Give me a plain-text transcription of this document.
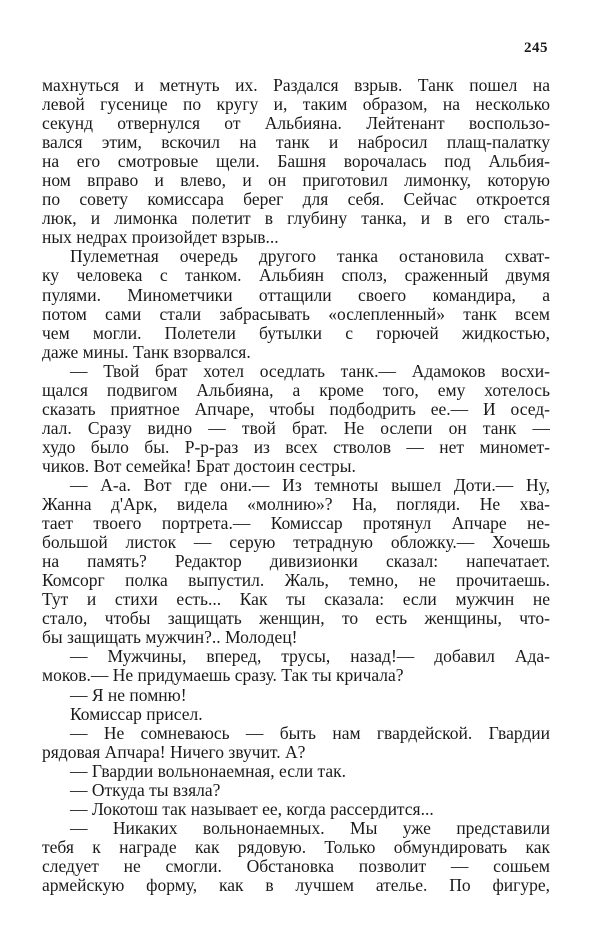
245
махнуться и метнуть их. Раздался взрыв. Танк пошел на
левой гусенице по кругу и, таким образом, на несколько
секунд отвернулся от Альбияна. Лейтенант воспользо-
вался этим, вскочил на танк и набросил плащ-палатку
на его смотровые щели. Башня ворочалась под Альбия-
ном вправо и влево, и он приготовил лимонку, которую
по совету комиссара берег для себя. Сейчас откроется
люк, и лимонка полетит в глубину танка, и в его сталь-
ных недрах произойдет взрыв...
Пулеметная очередь другого танка остановила схват-
ку человека с танком. Альбиян сполз, сраженный двумя
пулями. Минометчики оттащили своего командира, а
потом сами стали забрасывать «ослепленный» танк всем
чем могли. Полетели бутылки с горючей жидкостью,
даже мины. Танк взорвался.
— Твой брат хотел оседлать танк.— Адамоков восхи-
щался подвигом Альбияна, а кроме того, ему хотелось
сказать приятное Апчаре, чтобы подбодрить ее.— И осед-
лал. Сразу видно — твой брат. Не ослепи он танк —
худо было бы. Р-р-раз из всех стволов — нет миномет-
чиков. Вот семейка! Брат достоин сестры.
— А-а. Вот где они.— Из темноты вышел Доти.— Ну,
Жанна д'Арк, видела «молнию»? На, погляди. Не хва-
тает твоего портрета.— Комиссар протянул Апчаре не-
большой листок — серую тетрадную обложку.— Хочешь
на память? Редактор дивизионки сказал: напечатает.
Комсорг полка выпустил. Жаль, темно, не прочитаешь.
Тут и стихи есть... Как ты сказала: если мужчин не
стало, чтобы защищать женщин, то есть женщины, что-
бы защищать мужчин?.. Молодец!
— Мужчины, вперед, трусы, назад!— добавил Ада-
моков.— Не придумаешь сразу. Так ты кричала?
— Я не помню!
Комиссар присел.
— Не сомневаюсь — быть нам гвардейской. Гвардии
рядовая Апчара! Ничего звучит. А?
— Гвардии вольнонаемная, если так.
— Откуда ты взяла?
— Локотош так называет ее, когда рассердится...
— Никаких вольнонаемных. Мы уже представили
тебя к награде как рядовую. Только обмундировать как
следует не смогли. Обстановка позволит — сошьем
армейскую форму, как в лучшем ателье. По фигуре,
